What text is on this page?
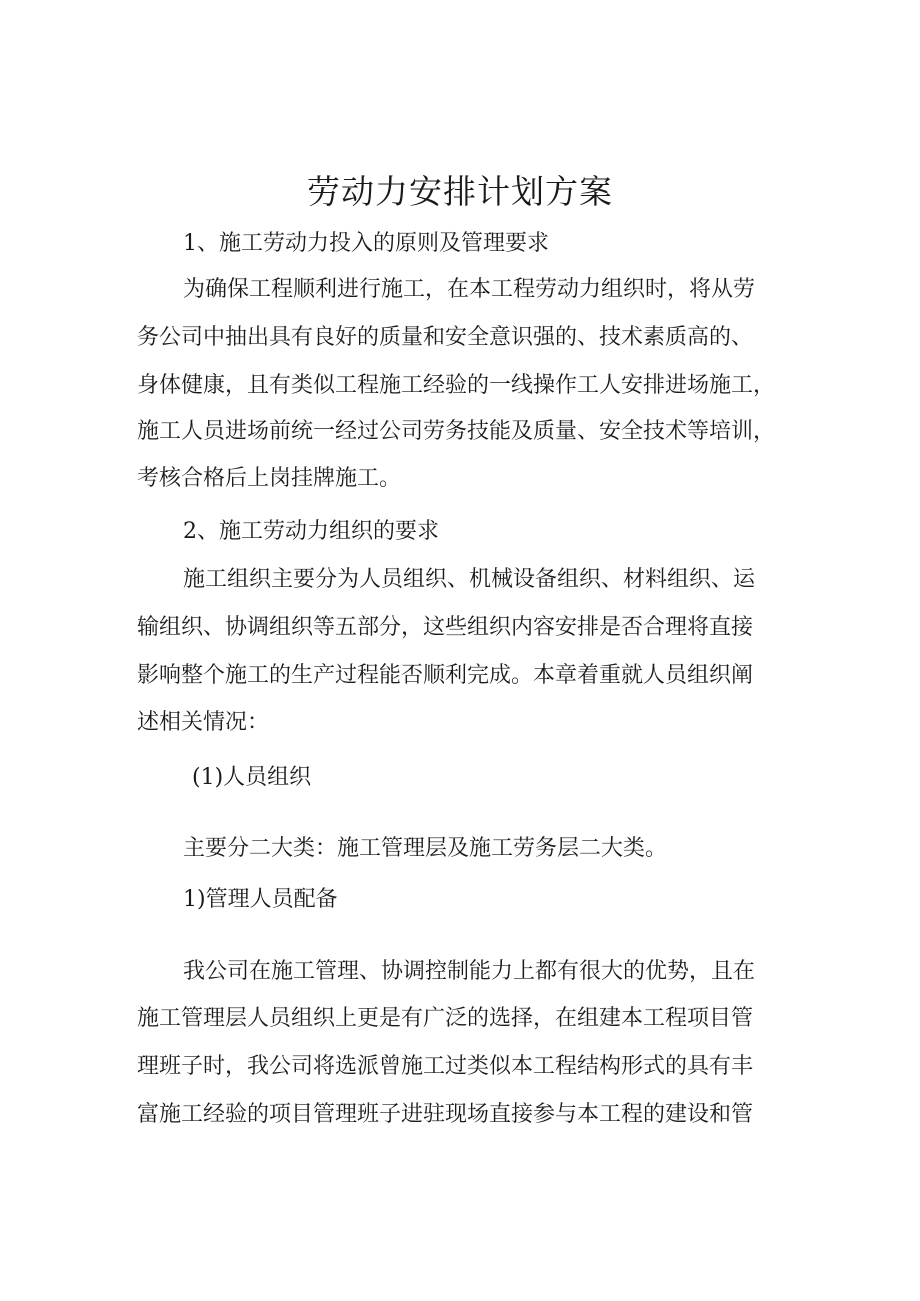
劳动力安排计划方案

1、施工劳动力投入的原则及管理要求

为确保工程顺利进行施工，在本工程劳动力组织时，将从劳

务公司中抽出具有良好的质量和安全意识强的、技术素质高的、

身体健康，且有类似工程施工经验的一线操作工人安排进场施工，

施工人员进场前统一经过公司劳务技能及质量、安全技术等培训，

考核合格后上岗挂牌施工。

2、施工劳动力组织的要求

施工组织主要分为人员组织、机械设备组织、材料组织、运

输组织、协调组织等五部分，这些组织内容安排是否合理将直接

影响整个施工的生产过程能否顺利完成。本章着重就人员组织阐

述相关情况：

(1)人员组织

主要分二大类：施工管理层及施工劳务层二大类。

1)管理人员配备

我公司在施工管理、协调控制能力上都有很大的优势，且在

施工管理层人员组织上更是有广泛的选择，在组建本工程项目管

理班子时，我公司将选派曾施工过类似本工程结构形式的具有丰

富施工经验的项目管理班子进驻现场直接参与本工程的建设和管
